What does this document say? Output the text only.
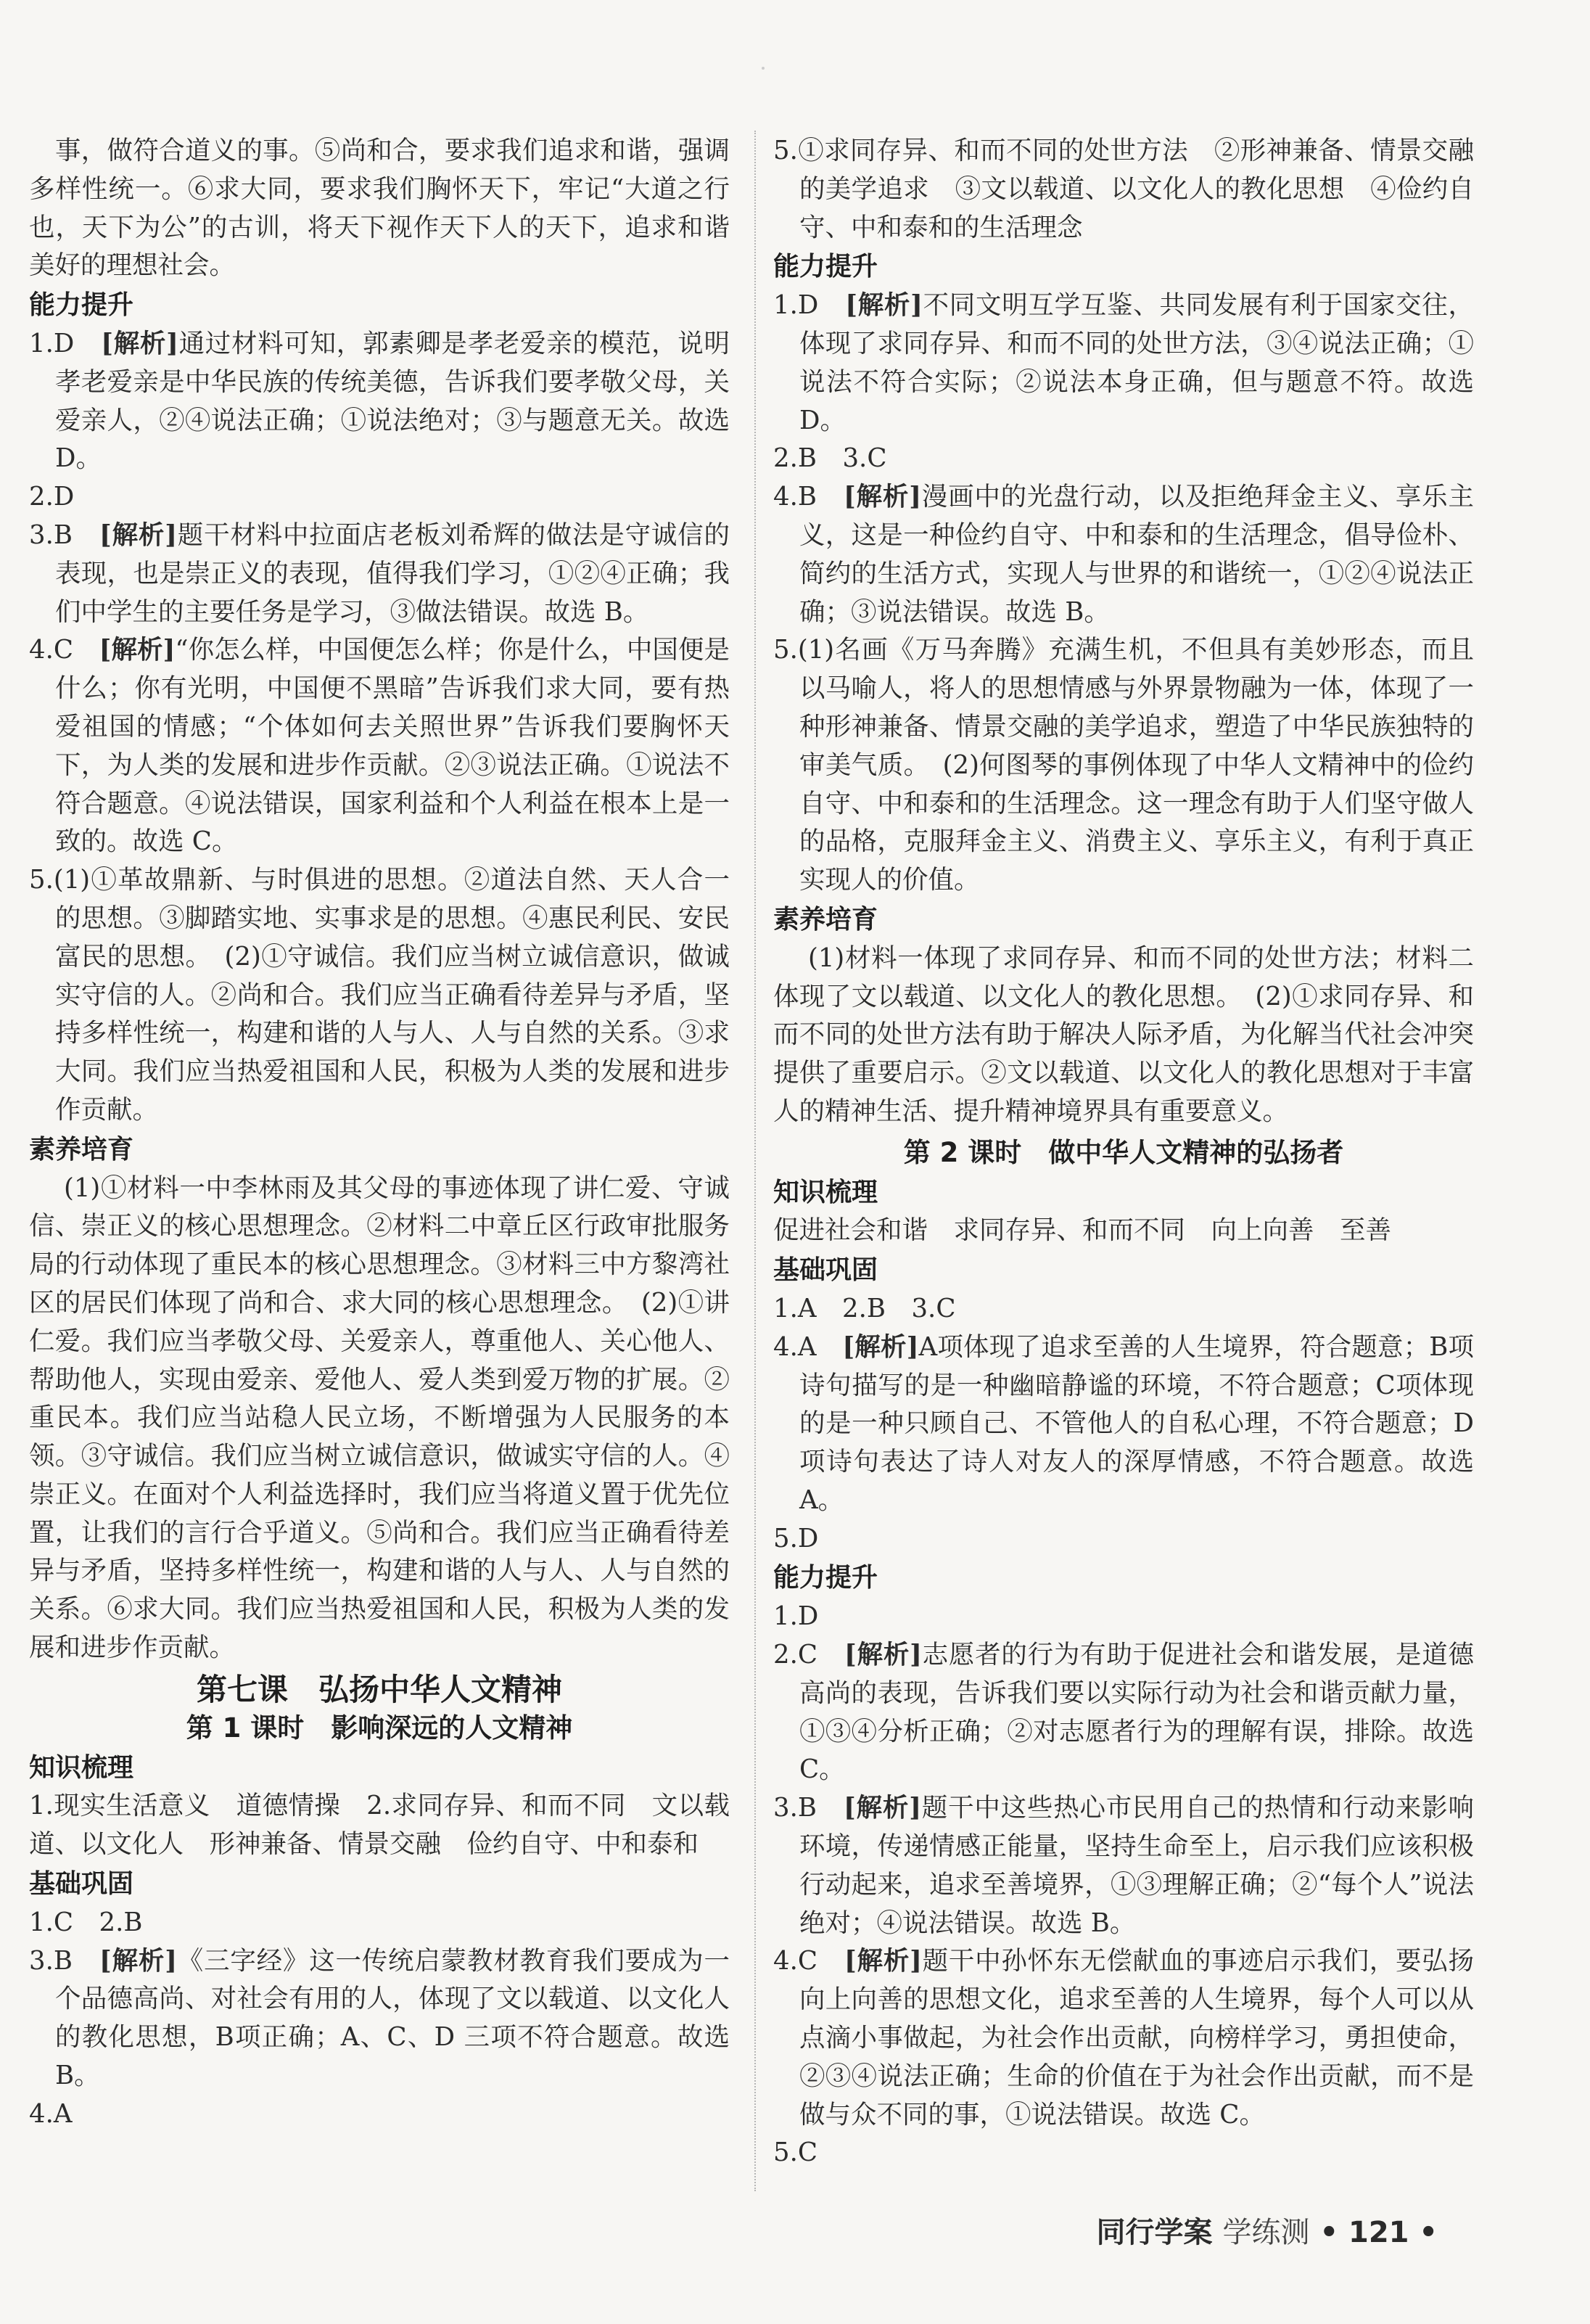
事，做符合道义的事。⑤尚和合，要求我们追求和谐，强调多样性统一。⑥求大同，要求我们胸怀天下，牢记“大道之行也，天下为公”的古训，将天下视作天下人的天下，追求和谐美好的理想社会。

能力提升

1.D　 [ 解析 ] 通过材料可知，郭素卿是孝老爱亲的模范，说明孝老爱亲是中华民族的传统美德，告诉我们要孝敬父母，关爱亲人，②④说法正确；①说法绝对；③与题意无关。故选 D。

2.D

3.B　 [ 解析 ] 题干材料中拉面店老板刘希辉的做法是守诚信的表现，也是崇正义的表现，值得我们学习，①②④正确；我们中学生的主要任务是学习，③做法错误。故选 B。

4.C　 [ 解析 ] “你怎么样，中国便怎么样；你是什么，中国便是什么；你有光明，中国便不黑暗”告诉我们求大同，要有热爱祖国的情感；“个体如何去关照世界”告诉我们要胸怀天下，为人类的发展和进步作贡献。②③说法正确。①说法不符合题意。④说法错误，国家利益和个人利益在根本上是一致的。故选 C。

5.(1)①革故鼎新、与时俱进的思想。②道法自然、天人合一的思想。③脚踏实地、实事求是的思想。④惠民利民、安民富民的思想。　(2)①守诚信。我们应当树立诚信意识，做诚实守信的人。②尚和合。我们应当正确看待差异与矛盾，坚持多样性统一，构建和谐的人与人、人与自然的关系。③求大同。我们应当热爱祖国和人民，积极为人类的发展和进步作贡献。

素养培育

(1)①材料一中李林雨及其父母的事迹体现了讲仁爱、守诚信、崇正义的核心思想理念。②材料二中章丘区行政审批服务局的行动体现了重民本的核心思想理念。③材料三中方黎湾社区的居民们体现了尚和合、求大同的核心思想理念。　(2)①讲仁爱。我们应当孝敬父母、关爱亲人，尊重他人、关心他人、帮助他人，实现由爱亲、爱他人、爱人类到爱万物的扩展。②重民本。我们应当站稳人民立场，不断增强为人民服务的本领。③守诚信。我们应当树立诚信意识，做诚实守信的人。④崇正义。在面对个人利益选择时，我们应当将道义置于优先位置，让我们的言行合乎道义。⑤尚和合。我们应当正确看待差异与矛盾，坚持多样性统一，构建和谐的人与人、人与自然的关系。⑥求大同。我们应当热爱祖国和人民，积极为人类的发展和进步作贡献。

第七课　弘扬中华人文精神

第 1 课时　影响深远的人文精神

知识梳理

1.现实生活意义　道德情操　2.求同存异、和而不同　文以载道、以文化人　形神兼备、情景交融　俭约自守、中和泰和

基础巩固

1.C　2.B

3.B　 [ 解析 ] 《三字经》这一传统启蒙教材教育我们要成为一个品德高尚、对社会有用的人，体现了文以载道、以文化人的教化思想，B项正确；A、C、D 三项不符合题意。故选 B。

4.A

5.①求同存异、和而不同的处世方法　②形神兼备、情景交融的美学追求　③文以载道、以文化人的教化思想　④俭约自守、中和泰和的生活理念

能力提升

1.D　 [ 解析 ] 不同文明互学互鉴、共同发展有利于国家交往，体现了求同存异、和而不同的处世方法，③④说法正确；①说法不符合实际；②说法本身正确，但与题意不符。故选 D。

2.B　3.C

4.B　 [ 解析 ] 漫画中的光盘行动，以及拒绝拜金主义、享乐主义，这是一种俭约自守、中和泰和的生活理念，倡导俭朴、简约的生活方式，实现人与世界的和谐统一，①②④说法正确；③说法错误。故选 B。

5.(1)名画《万马奔腾》充满生机，不但具有美妙形态，而且以马喻人，将人的思想情感与外界景物融为一体，体现了一种形神兼备、情景交融的美学追求，塑造了中华民族独特的审美气质。　(2)何图琴的事例体现了中华人文精神中的俭约自守、中和泰和的生活理念。这一理念有助于人们坚守做人的品格，克服拜金主义、消费主义、享乐主义，有利于真正实现人的价值。

素养培育

(1)材料一体现了求同存异、和而不同的处世方法；材料二体现了文以载道、以文化人的教化思想。　(2)①求同存异、和而不同的处世方法有助于解决人际矛盾，为化解当代社会冲突提供了重要启示。②文以载道、以文化人的教化思想对于丰富人的精神生活、提升精神境界具有重要意义。

第 2 课时　做中华人文精神的弘扬者

知识梳理

促进社会和谐　求同存异、和而不同　向上向善　至善

基础巩固

1.A　2.B　3.C

4.A　 [ 解析 ] A项体现了追求至善的人生境界，符合题意；B项诗句描写的是一种幽暗静谧的环境，不符合题意；C项体现的是一种只顾自己、不管他人的自私心理，不符合题意；D项诗句表达了诗人对友人的深厚情感，不符合题意。故选 A。

5.D

能力提升

1.D

2.C　 [ 解析 ] 志愿者的行为有助于促进社会和谐发展，是道德高尚的表现，告诉我们要以实际行动为社会和谐贡献力量，①③④分析正确；②对志愿者行为的理解有误，排除。故选 C。

3.B　 [ 解析 ] 题干中这些热心市民用自己的热情和行动来影响环境，传递情感正能量，坚持生命至上，启示我们应该积极行动起来，追求至善境界，①③理解正确；②“每个人”说法绝对；④说法错误。故选 B。

4.C　 [ 解析 ] 题干中孙怀东无偿献血的事迹启示我们，要弘扬向上向善的思想文化，追求至善的人生境界，每个人可以从点滴小事做起，为社会作出贡献，向榜样学习，勇担使命，②③④说法正确；生命的价值在于为社会作出贡献，而不是做与众不同的事，①说法错误。故选 C。

5.C

同行学案 学练测 • 121 •
